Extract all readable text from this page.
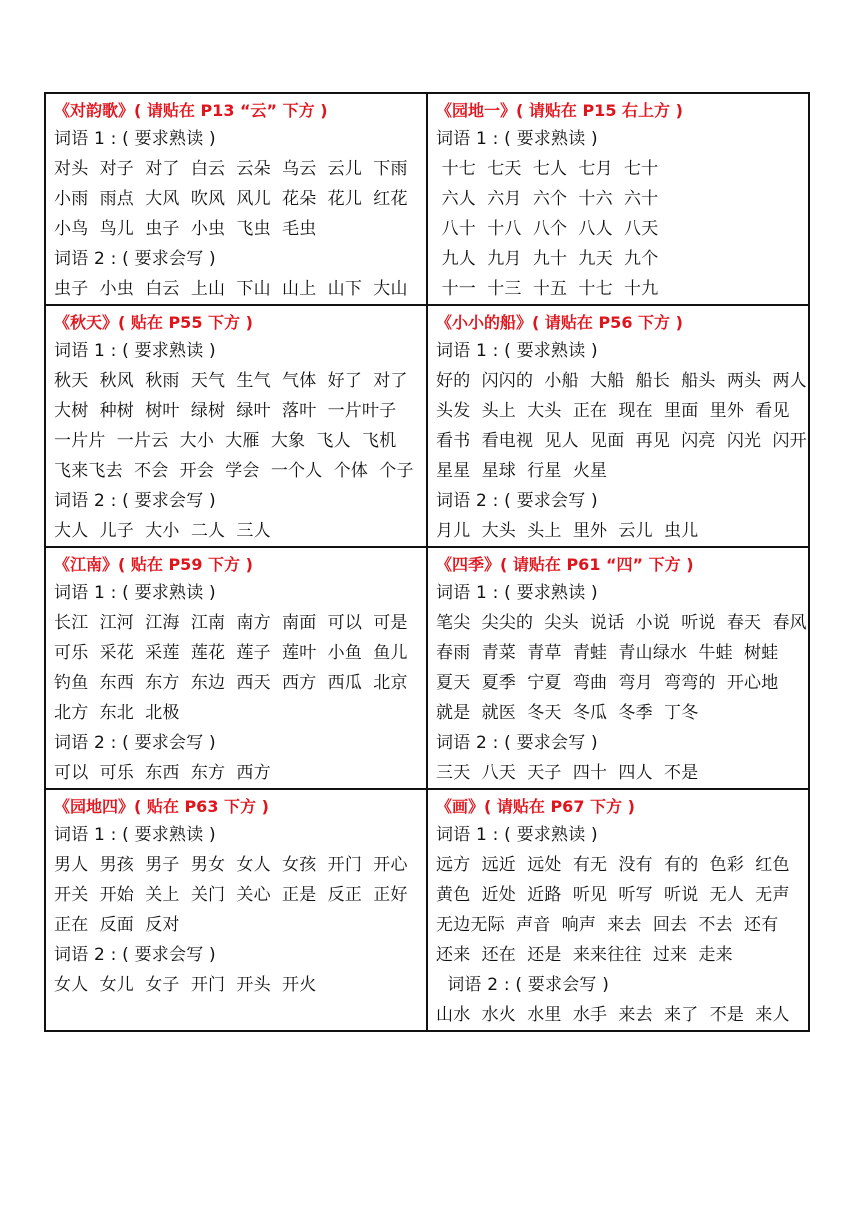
《对韵歌》( 请贴在 P13 “云” 下方 )
词语 1 : ( 要求熟读 )
对头  对子  对了  白云  云朵  乌云  云儿  下雨
小雨  雨点  大风  吹风  风儿  花朵  花儿  红花
小鸟  鸟儿  虫子  小虫  飞虫  毛虫
词语 2 : ( 要求会写 )
虫子  小虫  白云  上山  下山  山上  山下  大山
《园地一》( 请贴在 P15 右上方 )
词语 1 : ( 要求熟读 )
十七  七天  七人  七月  七十
六人  六月  六个  十六  六十
八十  十八  八个  八人  八天
九人  九月  九十  九天  九个
十一  十三  十五  十七  十九
《秋天》( 贴在 P55 下方 )
词语 1 : ( 要求熟读 )
秋天  秋风  秋雨  天气  生气  气体  好了  对了
大树  种树  树叶  绿树  绿叶  落叶  一片叶子
一片片  一片云  大小  大雁  大象  飞人  飞机
飞来飞去  不会  开会  学会  一个人  个体  个子
词语 2 : ( 要求会写 )
大人  儿子  大小  二人  三人
《小小的船》( 请贴在 P56 下方 )
词语 1 : ( 要求熟读 )
好的  闪闪的  小船  大船  船长  船头  两头  两人
头发  头上  大头  正在  现在  里面  里外  看见
看书  看电视  见人  见面  再见  闪亮  闪光  闪开
星星  星球  行星  火星
词语 2 : ( 要求会写 )
月儿  大头  头上  里外  云儿  虫儿
《江南》( 贴在 P59 下方 )
词语 1 : ( 要求熟读 )
长江  江河  江海  江南  南方  南面  可以  可是
可乐  采花  采莲  莲花  莲子  莲叶  小鱼  鱼儿
钓鱼  东西  东方  东边  西天  西方  西瓜  北京
北方  东北  北极
词语 2 : ( 要求会写 )
可以  可乐  东西  东方  西方
《四季》( 请贴在 P61 “四” 下方 )
词语 1 : ( 要求熟读 )
笔尖  尖尖的  尖头  说话  小说  听说  春天  春风
春雨  青菜  青草  青蛙  青山绿水  牛蛙  树蛙
夏天  夏季  宁夏  弯曲  弯月  弯弯的  开心地
就是  就医  冬天  冬瓜  冬季  丁冬
词语 2 : ( 要求会写 )
三天  八天  天子  四十  四人  不是
《园地四》( 贴在 P63 下方 )
词语 1 : ( 要求熟读 )
男人  男孩  男子  男女  女人  女孩  开门  开心
开关  开始  关上  关门  关心  正是  反正  正好
正在  反面  反对
词语 2 : ( 要求会写 )
女人  女儿  女子  开门  开头  开火
《画》( 请贴在 P67 下方 )
词语 1 : ( 要求熟读 )
远方  远近  远处  有无  没有  有的  色彩  红色
黄色  近处  近路  听见  听写  听说  无人  无声
无边无际  声音  响声  来去  回去  不去  还有
还来  还在  还是  来来往往  过来  走来
词语 2 : ( 要求会写 )
山水  水火  水里  水手  来去  来了  不是  来人
